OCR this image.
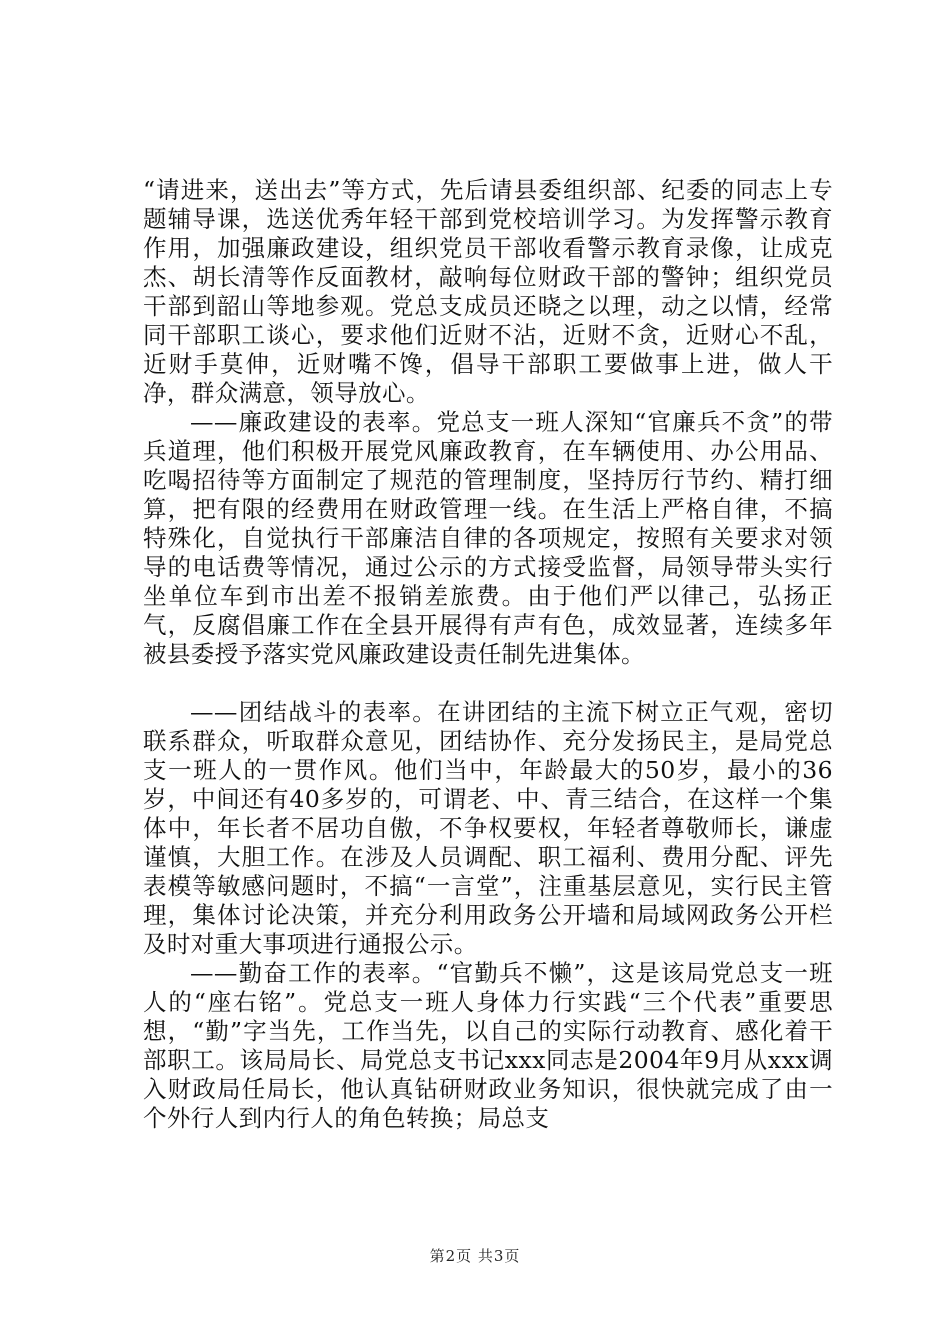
“请进来，送出去”等方式，先后请县委组织部、纪委的同志上专题辅导课，选送优秀年轻干部到党校培训学习。为发挥警示教育作用，加强廉政建设，组织党员干部收看警示教育录像，让成克杰、胡长清等作反面教材，敲响每位财政干部的警钟；组织党员干部到韶山等地参观。党总支成员还晓之以理，动之以情，经常同干部职工谈心，要求他们近财不沾，近财不贪，近财心不乱，近财手莫伸，近财嘴不馋，倡导干部职工要做事上进，做人干净，群众满意，领导放心。

——廉政建设的表率。党总支一班人深知“官廉兵不贪”的带兵道理，他们积极开展党风廉政教育，在车辆使用、办公用品、吃喝招待等方面制定了规范的管理制度，坚持厉行节约、精打细算，把有限的经费用在财政管理一线。在生活上严格自律，不搞特殊化，自觉执行干部廉洁自律的各项规定，按照有关要求对领导的电话费等情况，通过公示的方式接受监督，局领导带头实行坐单位车到市出差不报销差旅费。由于他们严以律己，弘扬正气，反腐倡廉工作在全县开展得有声有色，成效显著，连续多年被县委授予落实党风廉政建设责任制先进集体。

——团结战斗的表率。在讲团结的主流下树立正气观，密切联系群众，听取群众意见，团结协作、充分发扬民主，是局党总支一班人的一贯作风。他们当中，年龄最大的50岁，最小的36岁，中间还有40多岁的，可谓老、中、青三结合，在这样一个集体中，年长者不居功自傲，不争权要权，年轻者尊敬师长，谦虚谨慎，大胆工作。在涉及人员调配、职工福利、费用分配、评先表模等敏感问题时，不搞“一言堂”，注重基层意见，实行民主管理，集体讨论决策，并充分利用政务公开墙和局域网政务公开栏及时对重大事项进行通报公示。

——勤奋工作的表率。“官勤兵不懒”，这是该局党总支一班人的“座右铭”。党总支一班人身体力行实践“三个代表”重要思想，“勤”字当先，工作当先，以自己的实际行动教育、感化着干部职工。该局局长、局党总支书记xxx同志是2004年9月从xxx调入财政局任局长，他认真钻研财政业务知识，很快就完成了由一个外行人到内行人的角色转换；局总支

第2页 共3页
